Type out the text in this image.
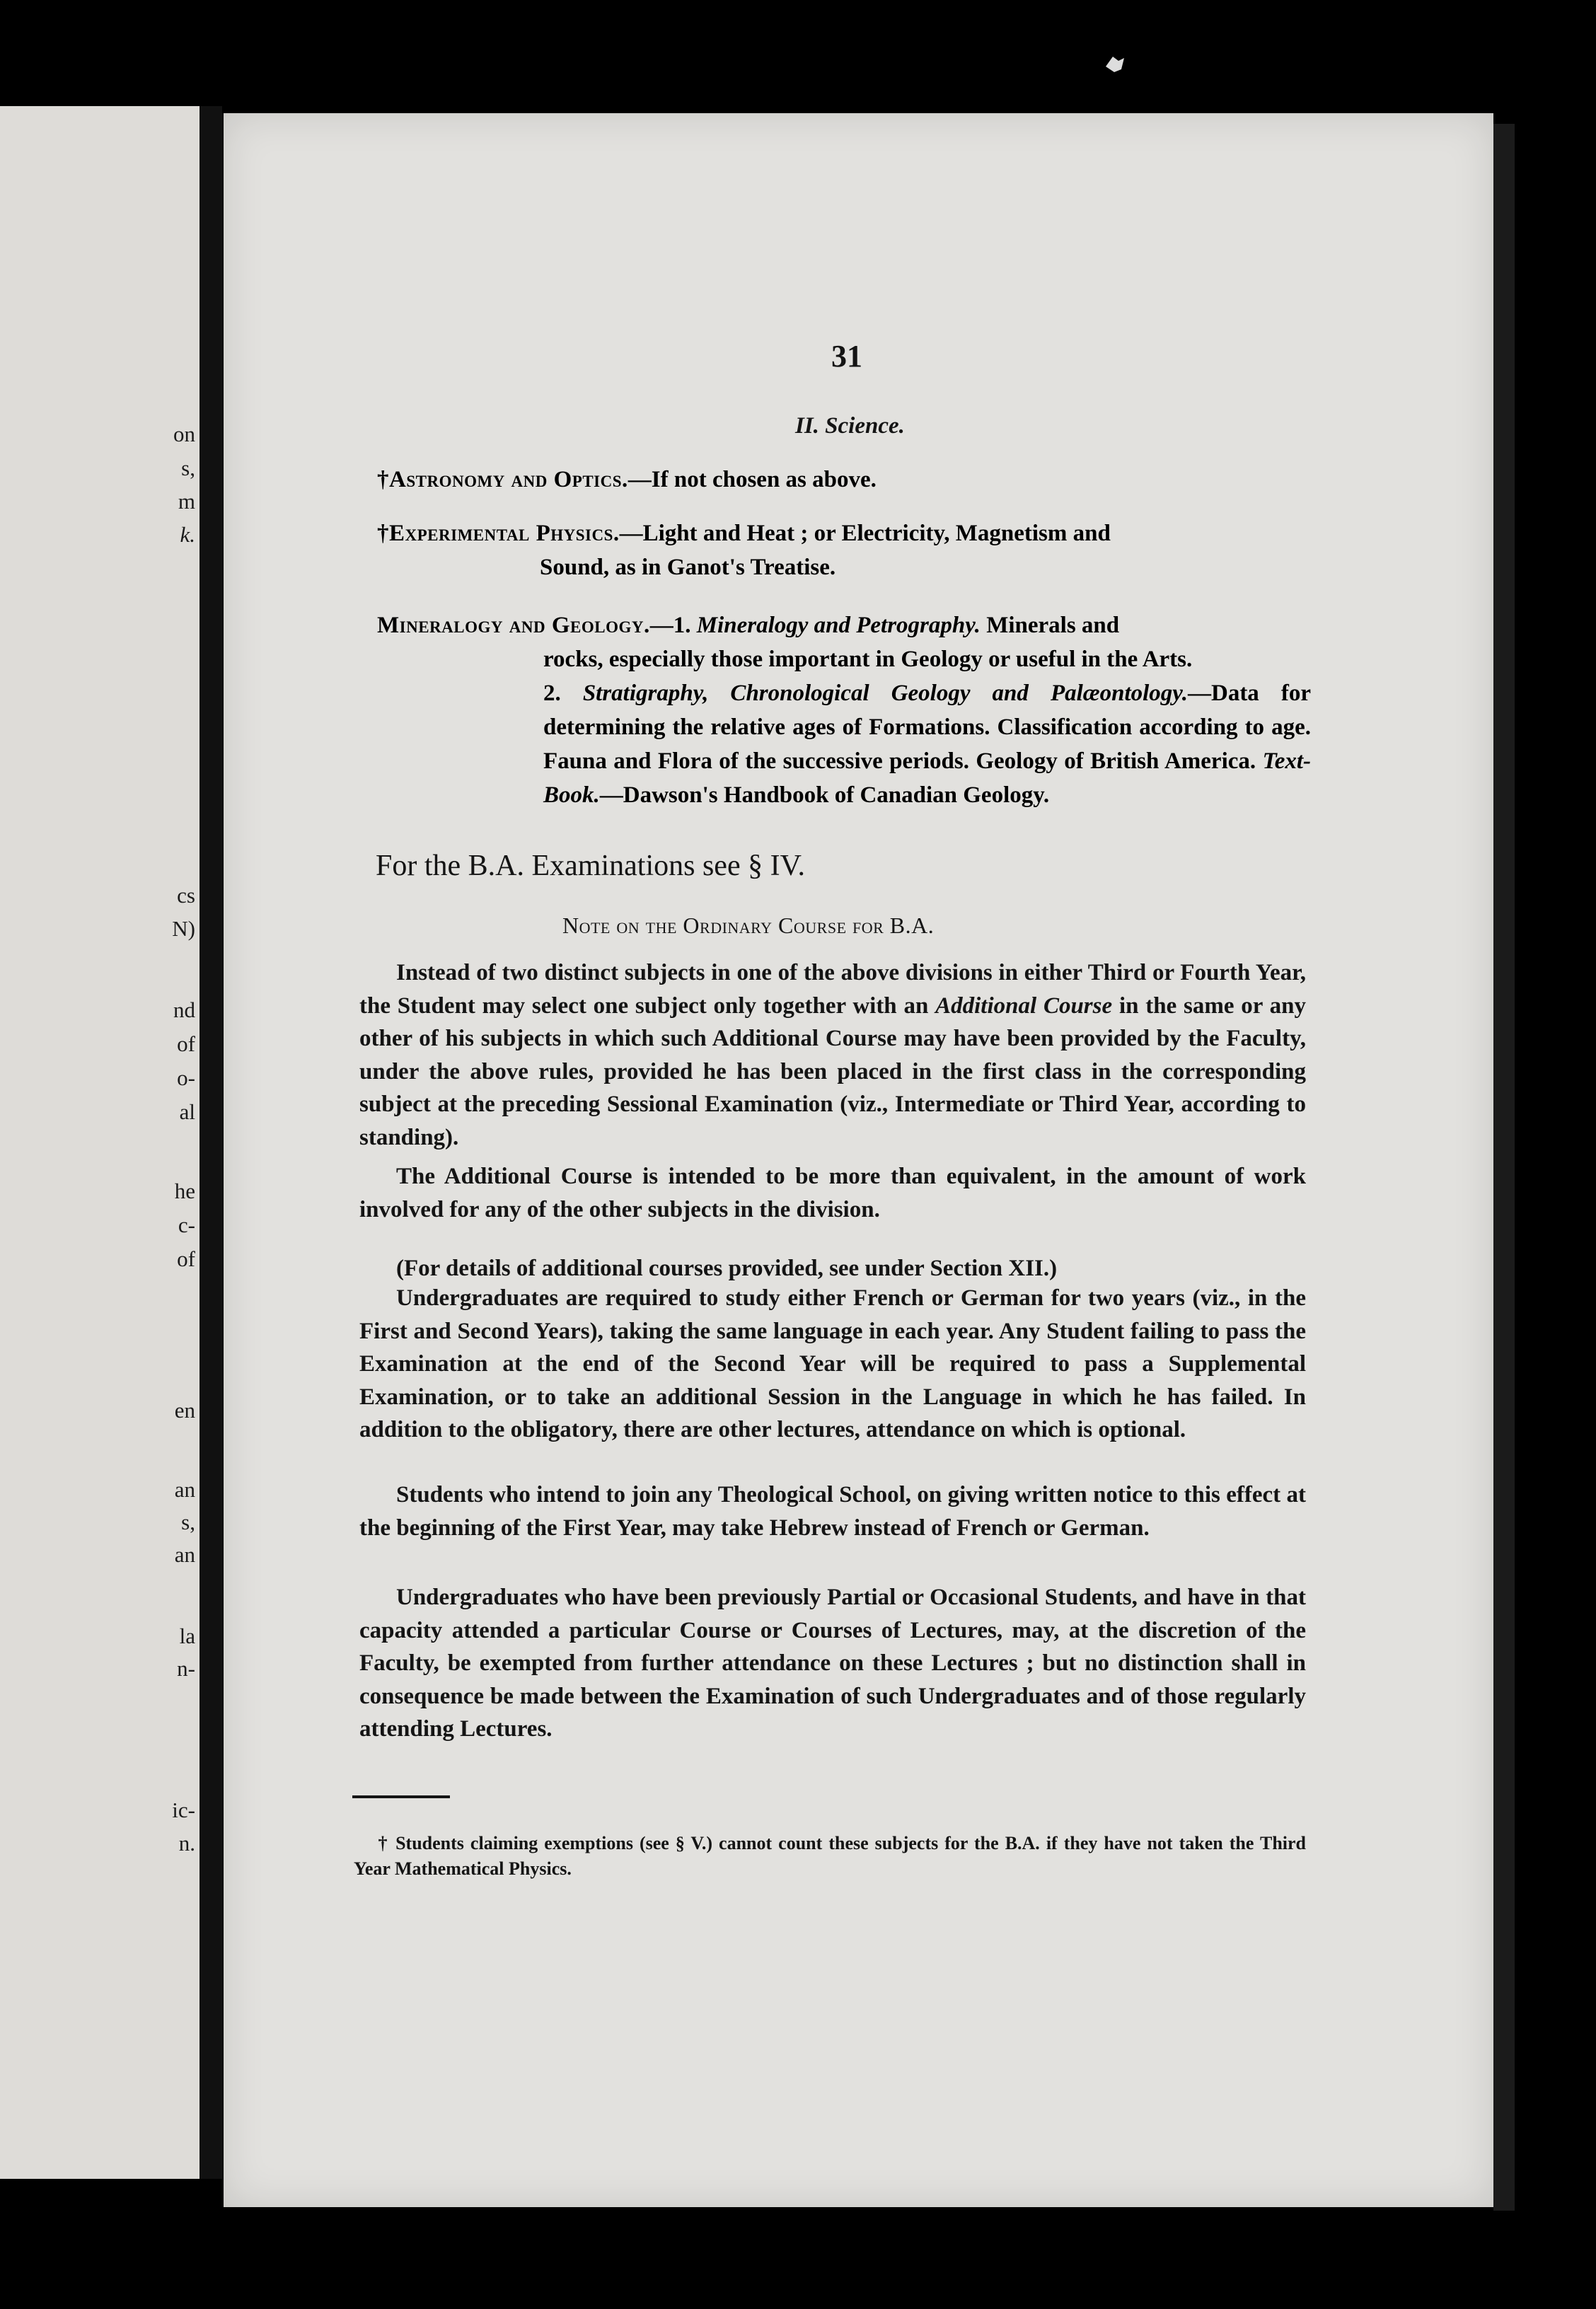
on
s,
m
k.
cs
N)
nd
of
o-
al
he
c-
of
en
an
s,
an
la
n-
ic-
n.
31
II. Science.
†Astronomy and Optics.—If not chosen as above.
†Experimental Physics.—Light and Heat ; or Electricity, Magnetism and
Sound, as in Ganot's Treatise.
Mineralogy and Geology.—1. Mineralogy and Petrography. Minerals and
rocks, especially those important in Geology or useful in the Arts.
2. Stratigraphy, Chronological Geology and Palæontology.—Data for determining the relative ages of Formations. Classification according to age. Fauna and Flora of the successive periods. Geology of British America. Text-Book.—Dawson's Handbook of Canadian Geology.
For the B.A. Examinations see § IV.
Note on the Ordinary Course for B.A.
Instead of two distinct subjects in one of the above divisions in either Third or Fourth Year, the Student may select one subject only together with an Additional Course in the same or any other of his subjects in which such Additional Course may have been provided by the Faculty, under the above rules, provided he has been placed in the first class in the corresponding subject at the preceding Sessional Examination (viz., Intermediate or Third Year, according to standing).
The Additional Course is intended to be more than equivalent, in the amount of work involved for any of the other subjects in the division.
(For details of additional courses provided, see under Section XII.)
Undergraduates are required to study either French or German for two years (viz., in the First and Second Years), taking the same language in each year. Any Student failing to pass the Examination at the end of the Second Year will be required to pass a Supplemental Examination, or to take an additional Session in the Language in which he has failed. In addition to the obligatory, there are other lectures, attendance on which is optional.
Students who intend to join any Theological School, on giving written notice to this effect at the beginning of the First Year, may take Hebrew instead of French or German.
Undergraduates who have been previously Partial or Occasional Students, and have in that capacity attended a particular Course or Courses of Lectures, may, at the discretion of the Faculty, be exempted from further attendance on these Lectures ; but no distinction shall in consequence be made between the Examination of such Undergraduates and of those regularly attending Lectures.
† Students claiming exemptions (see § V.) cannot count these subjects for the B.A. if they have not taken the Third Year Mathematical Physics.
